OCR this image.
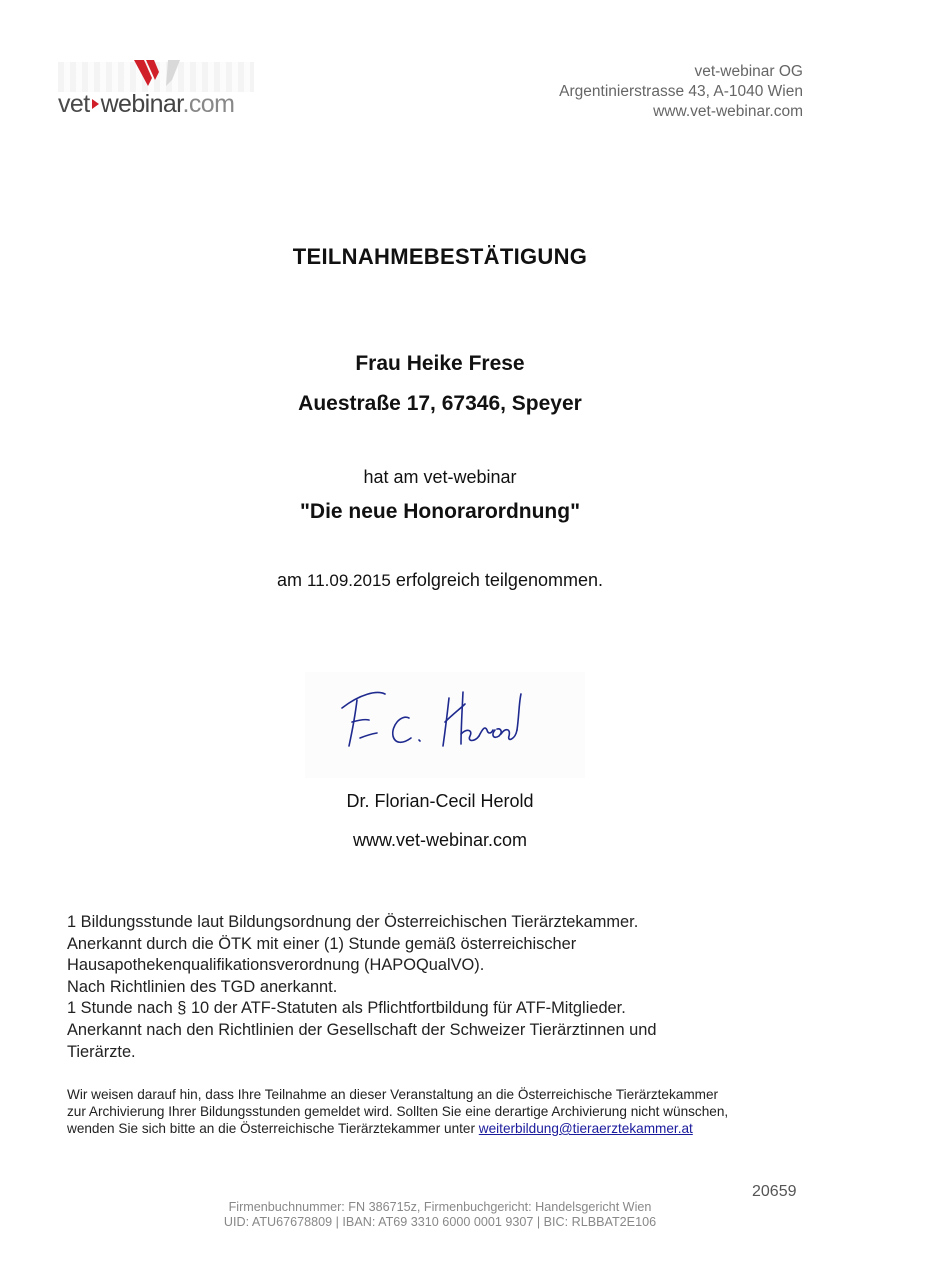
vet webinar.com
vet-webinar OG
Argentinierstrasse 43, A-1040 Wien
www.vet-webinar.com
TEILNAHMEBESTÄTIGUNG
Frau Heike Frese
Auestraße 17, 67346, Speyer
hat am vet-webinar
"Die neue Honorarordnung"
am 11.09.2015 erfolgreich teilgenommen.
Dr. Florian-Cecil Herold
www.vet-webinar.com
1 Bildungsstunde laut Bildungsordnung der Österreichischen Tierärztekammer.
Anerkannt durch die ÖTK mit einer (1) Stunde gemäß österreichischer
Hausapothekenqualifikationsverordnung (HAPOQualVO).
Nach Richtlinien des TGD anerkannt.
1 Stunde nach § 10 der ATF-Statuten als Pflichtfortbildung für ATF-Mitglieder.
Anerkannt nach den Richtlinien der Gesellschaft der Schweizer Tierärztinnen und
Tierärzte.
Wir weisen darauf hin, dass Ihre Teilnahme an dieser Veranstaltung an die Österreichische Tierärztekammer
zur Archivierung Ihrer Bildungsstunden gemeldet wird. Sollten Sie eine derartige Archivierung nicht wünschen,
wenden Sie sich bitte an die Österreichische Tierärztekammer unter weiterbildung@tieraerztekammer.at
20659
Firmenbuchnummer: FN 386715z, Firmenbuchgericht: Handelsgericht Wien
UID: ATU67678809 | IBAN: AT69 3310 6000 0001 9307 | BIC: RLBBAT2E106
